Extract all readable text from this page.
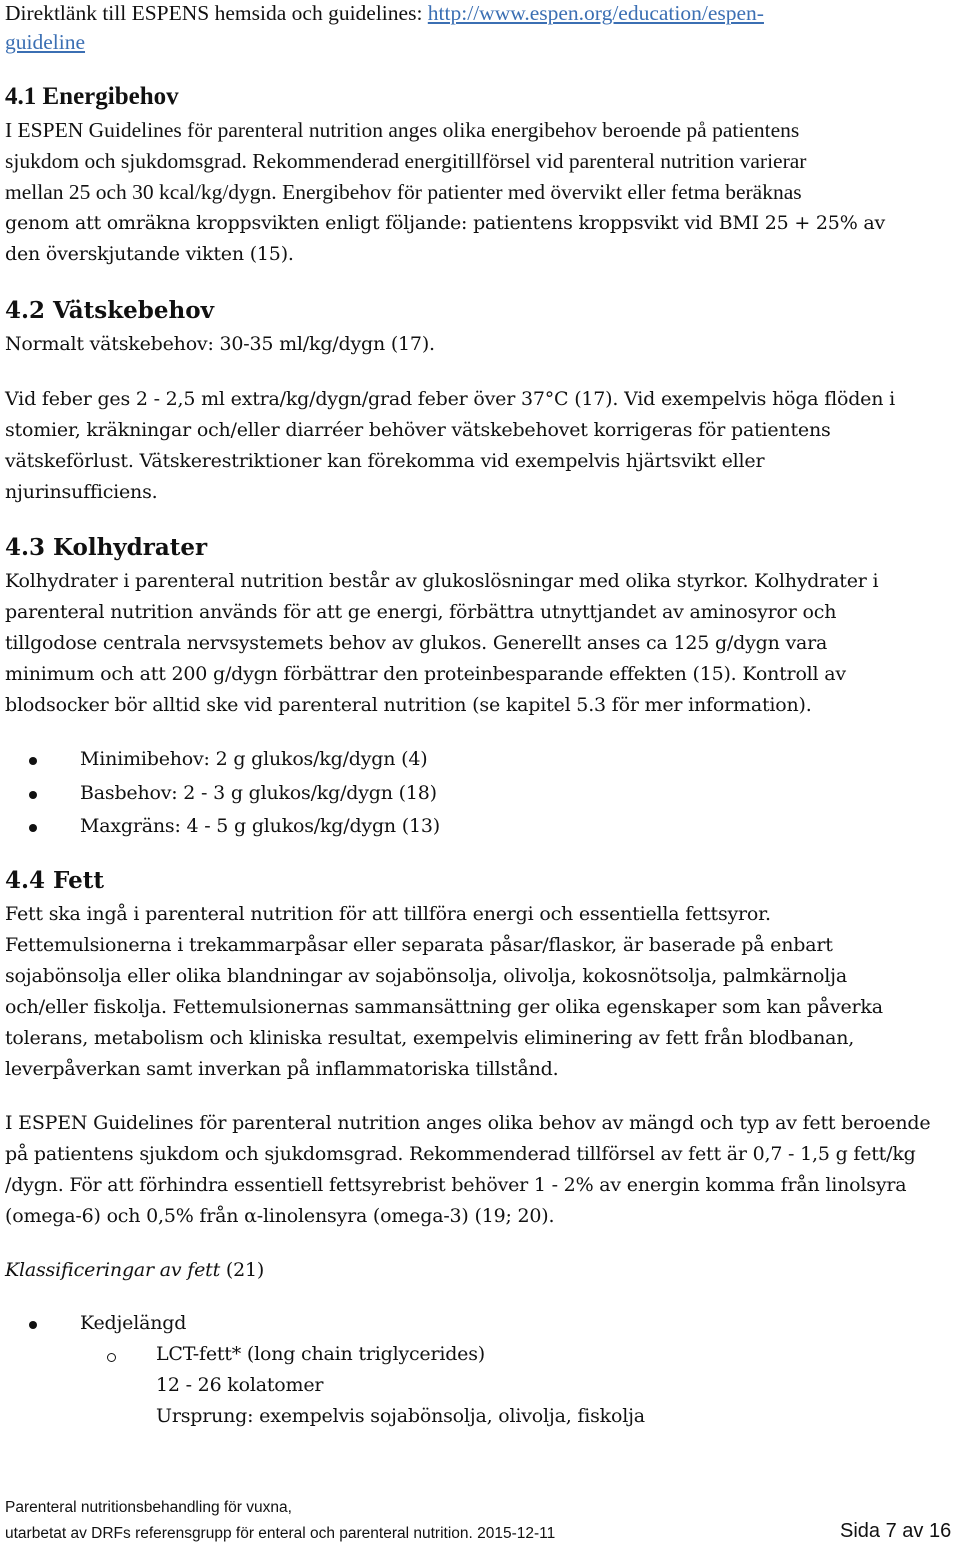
Direktlänk till ESPENS hemsida och guidelines: http://www.espen.org/education/espen-
guideline
4.1 Energibehov
I ESPEN Guidelines för parenteral nutrition anges olika energibehov beroende på patientens
sjukdom och sjukdomsgrad. Rekommenderad energitillförsel vid parenteral nutrition varierar
mellan 25 och 30 kcal/kg/dygn. Energibehov för patienter med övervikt eller fetma beräknas
genom att omräkna kroppsvikten enligt följande: patientens kroppsvikt vid BMI 25 + 25% av
den överskjutande vikten (15).
4.2 Vätskebehov
Normalt vätskebehov: 30-35 ml/kg/dygn (17).
Vid feber ges 2 - 2,5 ml extra/kg/dygn/grad feber över 37°C (17). Vid exempelvis höga flöden i
stomier, kräkningar och/eller diarréer behöver vätskebehovet korrigeras för patientens
vätskeförlust. Vätskerestriktioner kan förekomma vid exempelvis hjärtsvikt eller
njurinsufficiens.
4.3 Kolhydrater
Kolhydrater i parenteral nutrition består av glukoslösningar med olika styrkor. Kolhydrater i
parenteral nutrition används för att ge energi, förbättra utnyttjandet av aminosyror och
tillgodose centrala nervsystemets behov av glukos. Generellt anses ca 125 g/dygn vara
minimum och att 200 g/dygn förbättrar den proteinbesparande effekten (15). Kontroll av
blodsocker bör alltid ske vid parenteral nutrition (se kapitel 5.3 för mer information).
Minimibehov: 2 g glukos/kg/dygn (4)
Basbehov: 2 - 3 g glukos/kg/dygn (18)
Maxgräns: 4 - 5 g glukos/kg/dygn (13)
4.4 Fett
Fett ska ingå i parenteral nutrition för att tillföra energi och essentiella fettsyror.
Fettemulsionerna i trekammarpåsar eller separata påsar/flaskor, är baserade på enbart
sojabönsolja eller olika blandningar av sojabönsolja, olivolja, kokosnötsolja, palmkärnolja
och/eller fiskolja. Fettemulsionernas sammansättning ger olika egenskaper som kan påverka
tolerans, metabolism och kliniska resultat, exempelvis eliminering av fett från blodbanan,
leverpåverkan samt inverkan på inflammatoriska tillstånd.
I ESPEN Guidelines för parenteral nutrition anges olika behov av mängd och typ av fett beroende
på patientens sjukdom och sjukdomsgrad. Rekommenderad tillförsel av fett är 0,7 - 1,5 g fett/kg
/dygn. För att förhindra essentiell fettsyrebrist behöver 1 - 2% av energin komma från linolsyra
(omega-6) och 0,5% från α-linolensyra (omega-3) (19; 20).
Klassificeringar av fett (21)
Kedjelängd
LCT-fett* (long chain triglycerides)
12 - 26 kolatomer
Ursprung: exempelvis sojabönsolja, olivolja, fiskolja
Parenteral nutritionsbehandling för vuxna,
utarbetat av DRFs referensgrupp för enteral och parenteral nutrition. 2015-12-11	Sida 7 av 16
